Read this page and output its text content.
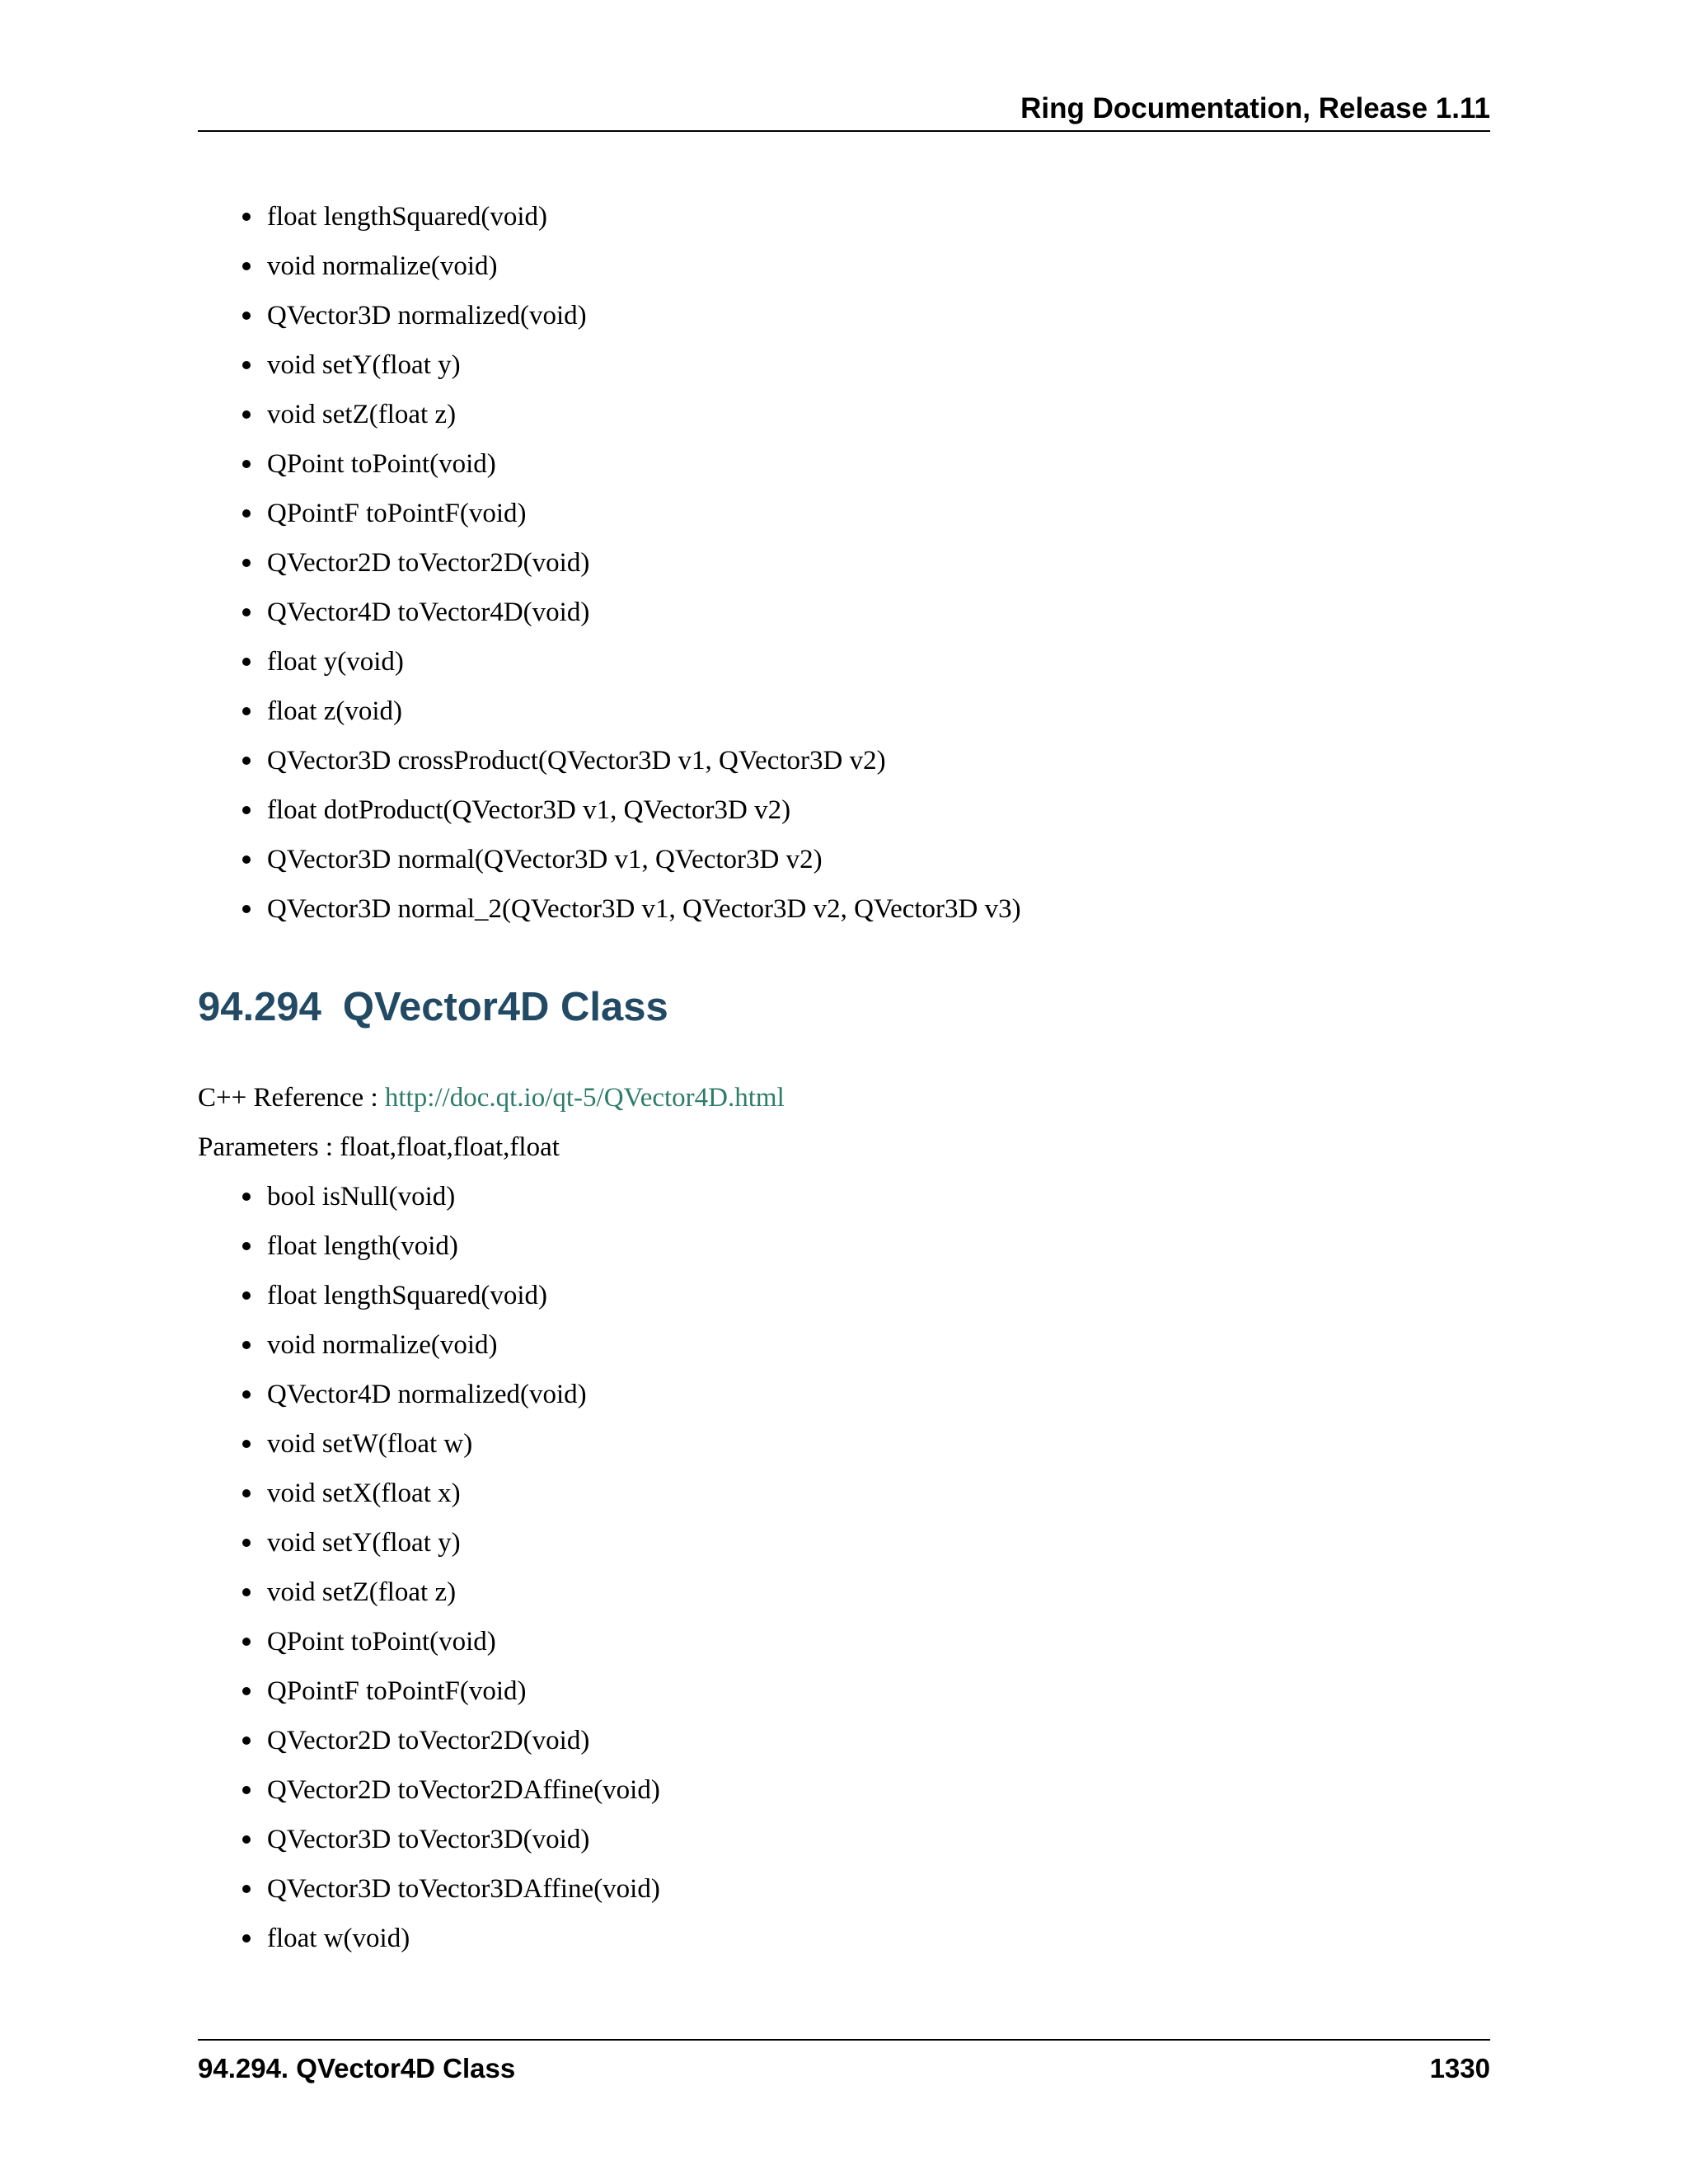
Ring Documentation, Release 1.11
float lengthSquared(void)
void normalize(void)
QVector3D normalized(void)
void setY(float y)
void setZ(float z)
QPoint toPoint(void)
QPointF toPointF(void)
QVector2D toVector2D(void)
QVector4D toVector4D(void)
float y(void)
float z(void)
QVector3D crossProduct(QVector3D v1, QVector3D v2)
float dotProduct(QVector3D v1, QVector3D v2)
QVector3D normal(QVector3D v1, QVector3D v2)
QVector3D normal_2(QVector3D v1, QVector3D v2, QVector3D v3)
94.294 QVector4D Class
C++ Reference : http://doc.qt.io/qt-5/QVector4D.html
Parameters : float,float,float,float
bool isNull(void)
float length(void)
float lengthSquared(void)
void normalize(void)
QVector4D normalized(void)
void setW(float w)
void setX(float x)
void setY(float y)
void setZ(float z)
QPoint toPoint(void)
QPointF toPointF(void)
QVector2D toVector2D(void)
QVector2D toVector2DAffine(void)
QVector3D toVector3D(void)
QVector3D toVector3DAffine(void)
float w(void)
94.294. QVector4D Class	1330
